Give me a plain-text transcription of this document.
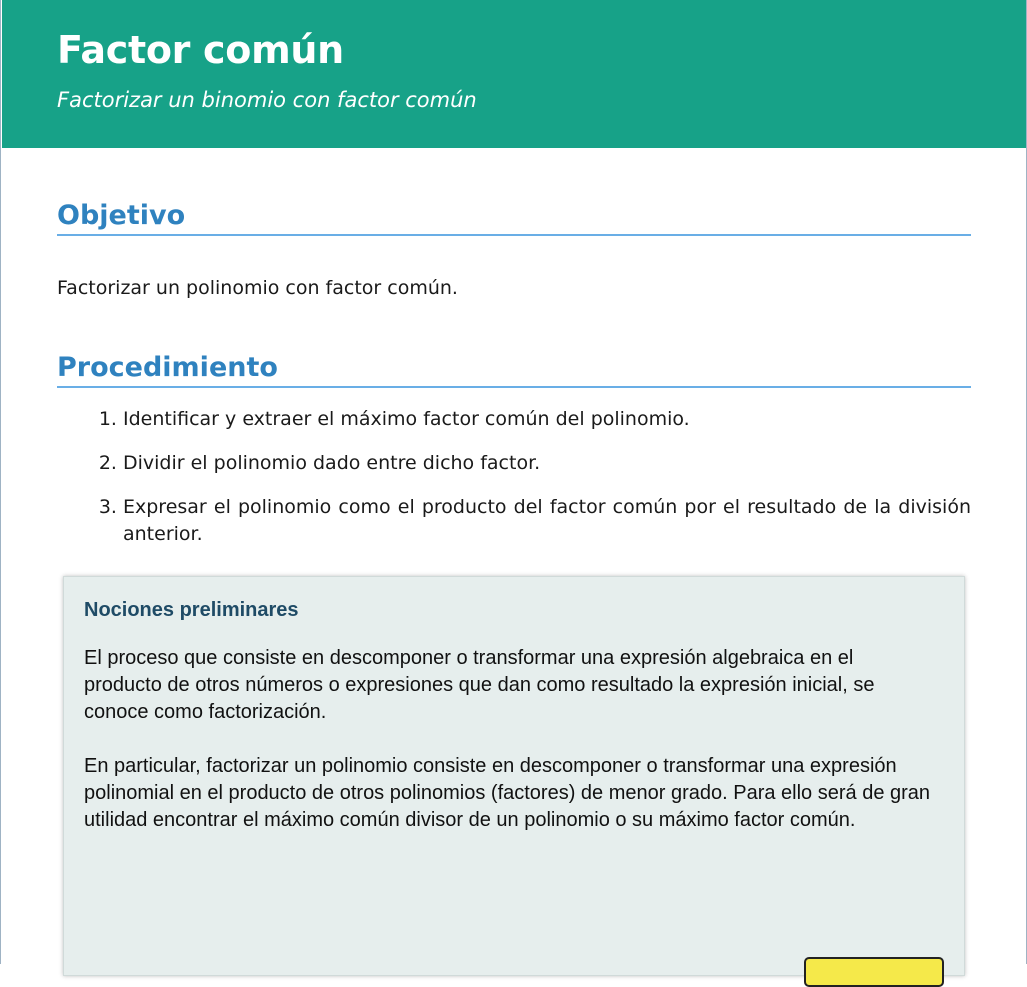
Factor común

Factorizar un binomio con factor común

Objetivo

Factorizar un polinomio con factor común.

Procedimiento
1. Identificar y extraer el máximo factor común del polinomio.
2. Dividir el polinomio dado entre dicho factor.
3. Expresar el polinomio como el producto del factor común por el resultado de la división anterior.
Nociones preliminares

El proceso que consiste en descomponer o transformar una expresión algebraica en el producto de otros números o expresiones que dan como resultado la expresión inicial, se conoce como factorización.

En particular, factorizar un polinomio consiste en descomponer o transformar una expresión polinomial en el producto de otros polinomios (factores) de menor grado. Para ello será de gran utilidad encontrar el máximo común divisor de un polinomio o su máximo factor común.
